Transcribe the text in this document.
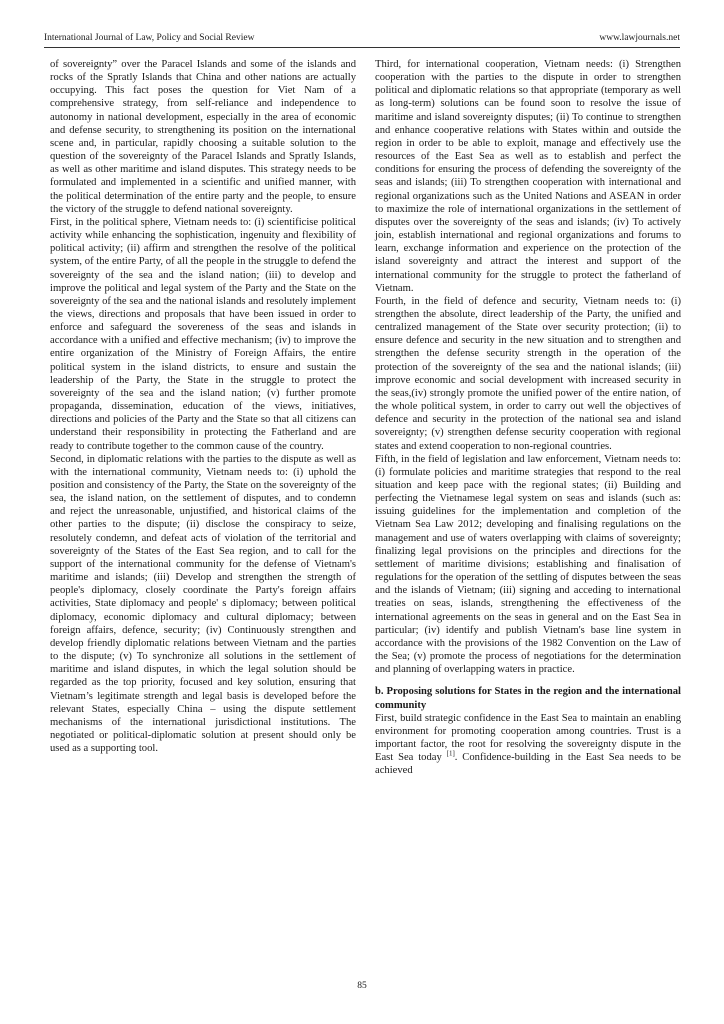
International Journal of Law, Policy and Social Review	www.lawjournals.net

of sovereignty” over the Paracel Islands and some of the islands and rocks of the Spratly Islands that China and other nations are actually occupying. This fact poses the question for Viet Nam of a comprehensive strategy, from self-reliance and independence to autonomy in national development, especially in the area of economic and defense security, to strengthening its position on the international scene and, in particular, rapidly choosing a suitable solution to the question of the sovereignty of the Paracel Islands and Spratly Islands, as well as other maritime and island disputes. This strategy needs to be formulated and implemented in a scientific and unified manner, with the political determination of the entire party and the people, to ensure the victory of the struggle to defend national sovereignty.

First, in the political sphere, Vietnam needs to: (i) scientificise political activity while enhancing the sophistication, ingenuity and flexibility of political activity; (ii) affirm and strengthen the resolve of the political system, of the entire Party, of all the people in the struggle to defend the sovereignty of the sea and the island nation; (iii) to develop and improve the political and legal system of the Party and the State on the sovereignty of the sea and the national islands and resolutely implement the views, directions and proposals that have been issued in order to enforce and safeguard the sovereness of the seas and islands in accordance with a unified and effective mechanism; (iv) to improve the entire organization of the Ministry of Foreign Affairs, the entire political system in the island districts, to ensure and sustain the leadership of the Party, the State in the struggle to protect the sovereignty of the sea and the island nation; (v) further promote propaganda, dissemination, education of the views, initiatives, directions and policies of the Party and the State so that all citizens can understand their responsibility in protecting the Fatherland and are ready to contribute together to the common cause of the country.

Second, in diplomatic relations with the parties to the dispute as well as with the international community, Vietnam needs to: (i) uphold the position and consistency of the Party, the State on the sovereignty of the sea, the island nation, on the settlement of disputes, and to condemn and reject the unreasonable, unjustified, and historical claims of the other parties to the dispute; (ii) disclose the conspiracy to seize, resolutely condemn, and defeat acts of violation of the territorial and sovereignty of the States of the East Sea region, and to call for the support of the international community for the defense of Vietnam's maritime and islands; (iii) Develop and strengthen the strength of people's diplomacy, closely coordinate the Party's foreign affairs activities, State diplomacy and people' s diplomacy; between political diplomacy, economic diplomacy and cultural diplomacy; between foreign affairs, defence, security; (iv) Continuously strengthen and develop friendly diplomatic relations between Vietnam and the parties to the dispute; (v) To synchronize all solutions in the settlement of maritime and island disputes, in which the legal solution should be regarded as the top priority, focused and key solution, ensuring that Vietnam’s legitimate strength and legal basis is developed before the relevant States, especially China – using the dispute settlement mechanisms of the international jurisdictional institutions. The negotiated or political-diplomatic solution at present should only be used as a supporting tool.

Third, for international cooperation, Vietnam needs: (i) Strengthen cooperation with the parties to the dispute in order to strengthen political and diplomatic relations so that appropriate (temporary as well as long-term) solutions can be found soon to resolve the issue of maritime and island sovereignty disputes; (ii) To continue to strengthen and enhance cooperative relations with States within and outside the region in order to be able to exploit, manage and effectively use the resources of the East Sea as well as to establish and perfect the conditions for ensuring the process of defending the sovereignty of the seas and islands; (iii) To strengthen cooperation with international and regional organizations such as the United Nations and ASEAN in order to maximize the role of international organizations in the settlement of disputes over the sovereignty of the seas and islands; (iv) To actively join, establish international and regional organizations and forums to learn, exchange information and experience on the protection of the island sovereignty and attract the interest and support of the international community for the struggle to protect the fatherland of Vietnam.

Fourth, in the field of defence and security, Vietnam needs to: (i) strengthen the absolute, direct leadership of the Party, the unified and centralized management of the State over security protection; (ii) to ensure defence and security in the new situation and to strengthen and strengthen the defense security strength in the operation of the protection of the sovereignty of the sea and the national islands; (iii) improve economic and social development with increased security in the seas,(iv) strongly promote the unified power of the entire nation, of the whole political system, in order to carry out well the objectives of defence and security in the protection of the national sea and island sovereignty; (v) strengthen defense security cooperation with regional states and extend cooperation to non-regional countries.

Fifth, in the field of legislation and law enforcement, Vietnam needs to: (i) formulate policies and maritime strategies that respond to the real situation and keep pace with the regional states; (ii) Building and perfecting the Vietnamese legal system on seas and islands (such as: issuing guidelines for the implementation and completion of the Vietnam Sea Law 2012; developing and finalising regulations on the management and use of waters overlapping with claims of sovereignty; finalizing legal provisions on the principles and directions for the settlement of maritime divisions; establishing and finalisation of regulations for the operation of the settling of disputes between the seas and the islands of Vietnam; (iii) signing and acceding to international treaties on seas, islands, strengthening the effectiveness of the international agreements on the seas in general and on the East Sea in particular; (iv) identify and publish Vietnam's base line system in accordance with the provisions of the 1982 Convention on the Law of the Sea; (v) promote the process of negotiations for the determination and planning of overlapping waters in practice.

b. Proposing solutions for States in the region and the international community

First, build strategic confidence in the East Sea to maintain an enabling environment for promoting cooperation among countries. Trust is a important factor, the root for resolving the sovereignty dispute in the East Sea today [1]. Confidence-building in the East Sea needs to be achieved

85
